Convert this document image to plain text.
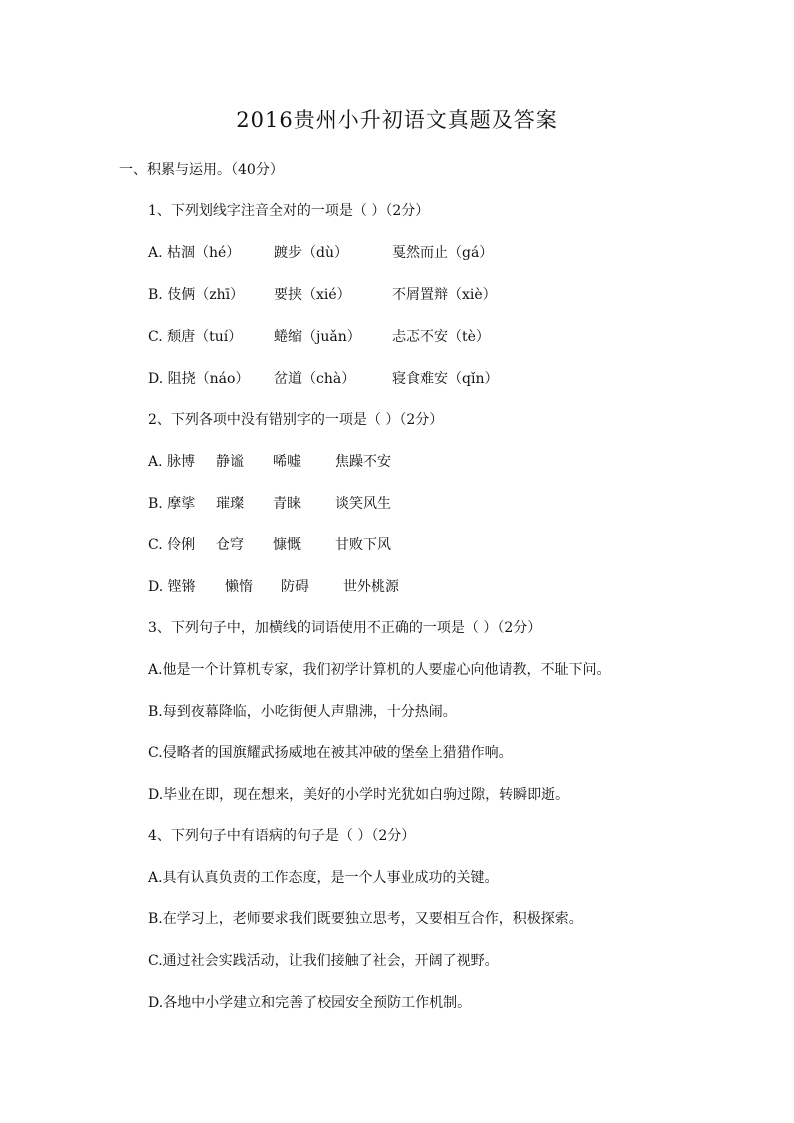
2016贵州小升初语文真题及答案
一、积累与运用。（40分）
1、下列划线字注音全对的一项是（ ）（2分）
A. 枯涸（hé） 踱步（dù）	戛然而止（gá）
B. 伎俩（zhī） 要挟（xié）	不屑置辩（xiè）
C. 颓唐（tuí） 蜷缩（juǎn） 忐忑不安（tè）
D. 阻挠（náo） 岔道（chà）	寝食难安（qǐn）
2、下列各项中没有错别字的一项是（ ）（2分）
A. 脉博 静谧 唏嘘 焦躁不安
B. 摩挲 璀璨 青睐 谈笑风生
C. 伶俐 仓穹 慷慨 甘败下风
D. 铿锵 懒惰 防碍 世外桃源
3、下列句子中，加横线的词语使用不正确的一项是（ ）（2分）
A.他是一个计算机专家，我们初学计算机的人要虚心向他请教，不耻下问。
B.每到夜幕降临，小吃街便人声鼎沸，十分热闹。
C.侵略者的国旗耀武扬威地在被其冲破的堡垒上猎猎作响。
D.毕业在即，现在想来，美好的小学时光犹如白驹过隙，转瞬即逝。
4、下列句子中有语病的句子是（ ）（2分）
A.具有认真负责的工作态度，是一个人事业成功的关键。
B.在学习上，老师要求我们既要独立思考，又要相互合作，积极探索。
C.通过社会实践活动，让我们接触了社会，开阔了视野。
D.各地中小学建立和完善了校园安全预防工作机制。
